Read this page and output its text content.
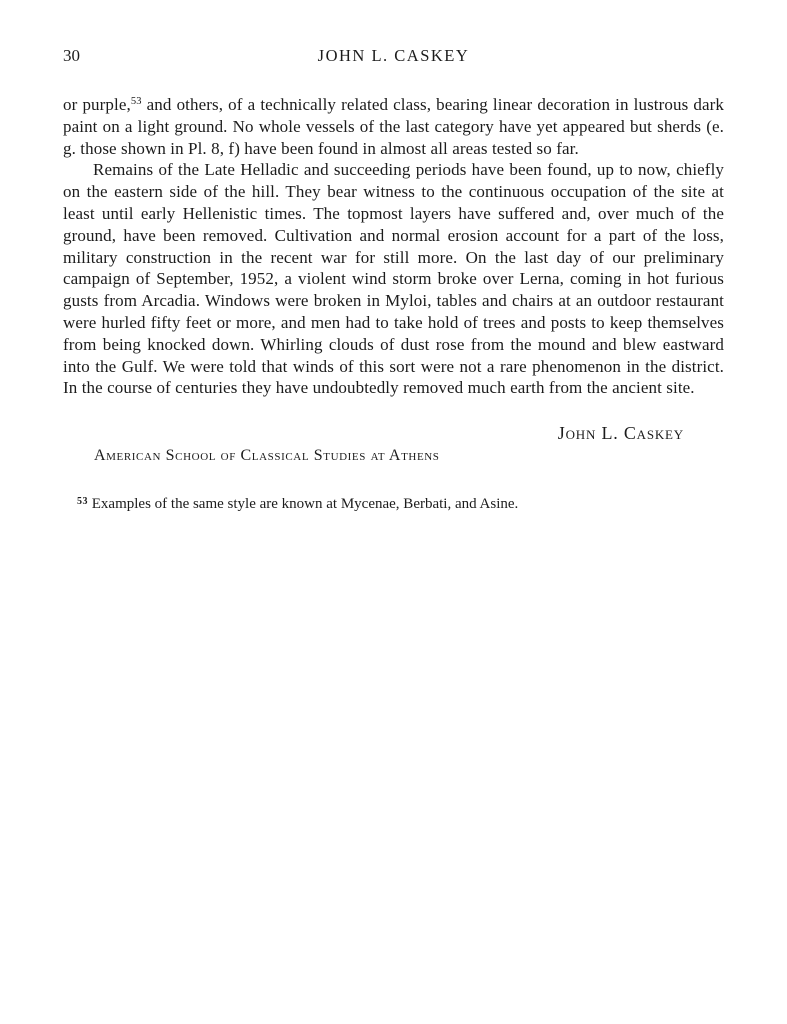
30	JOHN L. CASKEY

or purple,$^{53}$ and others, of a technically related class, bearing linear decoration in lustrous dark paint on a light ground. No whole vessels of the last category have yet appeared but sherds (e. g. those shown in Pl. 8, f) have been found in almost all areas tested so far.

Remains of the Late Helladic and succeeding periods have been found, up to now, chiefly on the eastern side of the hill. They bear witness to the continuous occupation of the site at least until early Hellenistic times. The topmost layers have suffered and, over much of the ground, have been removed. Cultivation and normal erosion account for a part of the loss, military construction in the recent war for still more. On the last day of our preliminary campaign of September, 1952, a violent wind storm broke over Lerna, coming in hot furious gusts from Arcadia. Windows were broken in Myloi, tables and chairs at an outdoor restaurant were hurled fifty feet or more, and men had to take hold of trees and posts to keep themselves from being knocked down. Whirling clouds of dust rose from the mound and blew eastward into the Gulf. We were told that winds of this sort were not a rare phenomenon in the district. In the course of centuries they have undoubtedly removed much earth from the ancient site.

John L. Caskey
American School of Classical Studies at Athens
$^{53}$ Examples of the same style are known at Mycenae, Berbati, and Asine.
